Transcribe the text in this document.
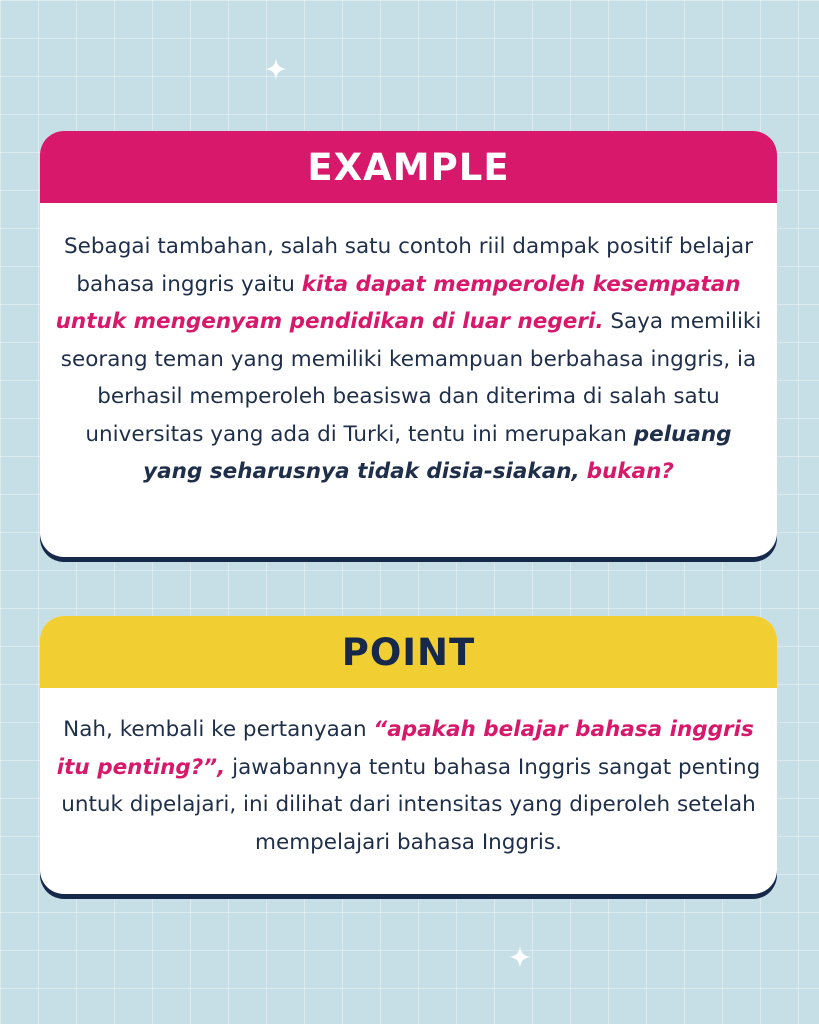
EXAMPLE
Sebagai tambahan, salah satu contoh riil dampak positif belajar bahasa inggris yaitu kita dapat memperoleh kesempatan untuk mengenyam pendidikan di luar negeri. Saya memiliki seorang teman yang memiliki kemampuan berbahasa inggris, ia berhasil memperoleh beasiswa dan diterima di salah satu universitas yang ada di Turki, tentu ini merupakan peluang yang seharusnya tidak disia-siakan, bukan?
POINT
Nah, kembali ke pertanyaan “apakah belajar bahasa inggris itu penting?”, jawabannya tentu bahasa Inggris sangat penting untuk dipelajari, ini dilihat dari intensitas yang diperoleh setelah mempelajari bahasa Inggris.
